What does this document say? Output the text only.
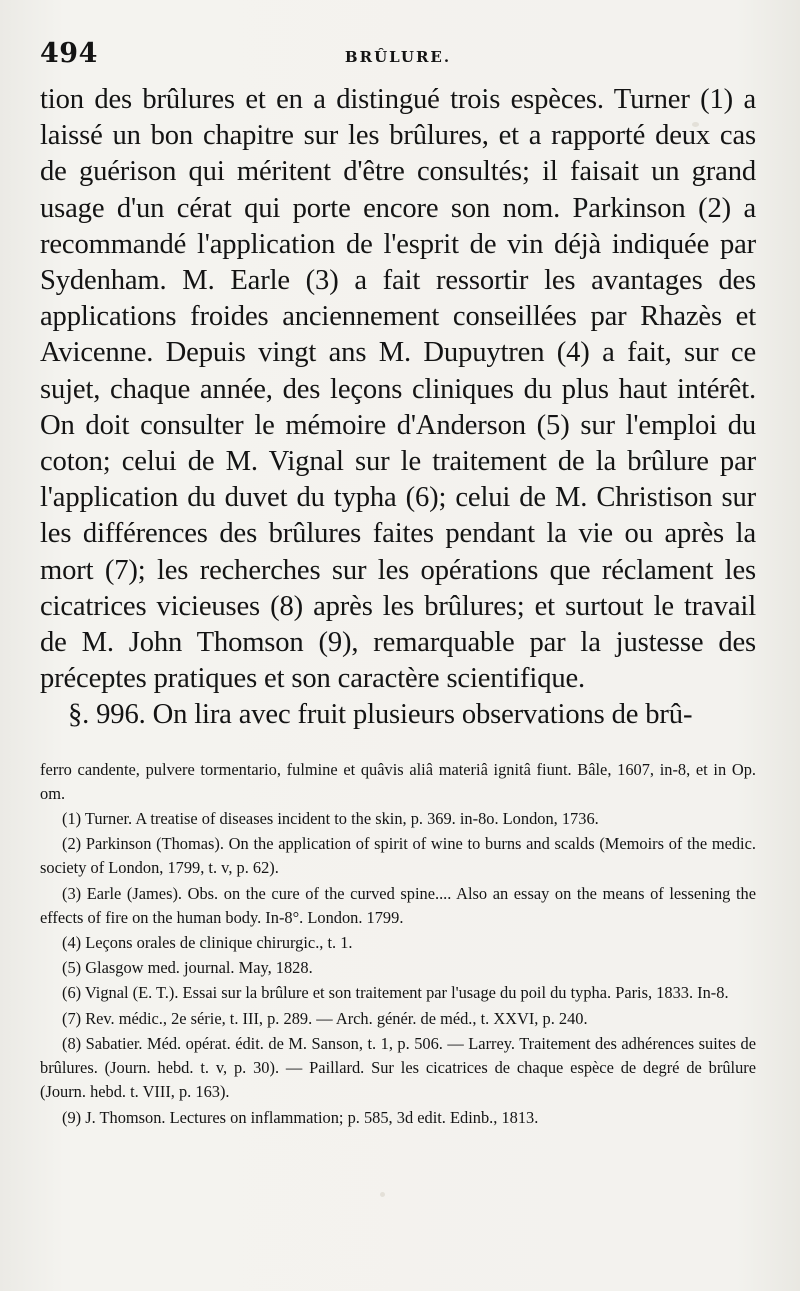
494	BRÛLURE.

tion des brûlures et en a distingué trois espèces. Turner (1) a laissé un bon chapitre sur les brûlures, et a rapporté deux cas de guérison qui méritent d'être consultés; il faisait un grand usage d'un cérat qui porte encore son nom. Parkinson (2) a recommandé l'application de l'esprit de vin déjà indiquée par Sydenham. M. Earle (3) a fait ressortir les avantages des applications froides anciennement conseillées par Rhazès et Avicenne. Depuis vingt ans M. Dupuytren (4) a fait, sur ce sujet, chaque année, des leçons cliniques du plus haut intérêt. On doit consulter le mémoire d'Anderson (5) sur l'emploi du coton; celui de M. Vignal sur le traitement de la brûlure par l'application du duvet du typha (6); celui de M. Christison sur les différences des brûlures faites pendant la vie ou après la mort (7); les recherches sur les opérations que réclament les cicatrices vicieuses (8) après les brûlures; et surtout le travail de M. John Thomson (9), remarquable par la justesse des préceptes pratiques et son caractère scientifique.

§. 996. On lira avec fruit plusieurs observations de brû-

ferro candente, pulvere tormentario, fulmine et quâvis aliâ materiâ ignitâ fiunt. Bâle, 1607, in-8, et in Op. om.

(1) Turner. A treatise of diseases incident to the skin, p. 369. in-8o. London, 1736.

(2) Parkinson (Thomas). On the application of spirit of wine to burns and scalds (Memoirs of the medic. society of London, 1799, t. v, p. 62).

(3) Earle (James). Obs. on the cure of the curved spine.... Also an essay on the means of lessening the effects of fire on the human body. In-8°. London. 1799.

(4) Leçons orales de clinique chirurgic., t. 1.

(5) Glasgow med. journal. May, 1828.

(6) Vignal (E. T.). Essai sur la brûlure et son traitement par l'usage du poil du typha. Paris, 1833. In-8.

(7) Rev. médic., 2e série, t. III, p. 289. — Arch. génér. de méd., t. XXVI, p. 240.

(8) Sabatier. Méd. opérat. édit. de M. Sanson, t. 1, p. 506. — Larrey. Traitement des adhérences suites de brûlures. (Journ. hebd. t. v, p. 30). — Paillard. Sur les cicatrices de chaque espèce de degré de brûlure (Journ. hebd. t. VIII, p. 163).

(9) J. Thomson. Lectures on inflammation; p. 585, 3d edit. Edinb., 1813.
